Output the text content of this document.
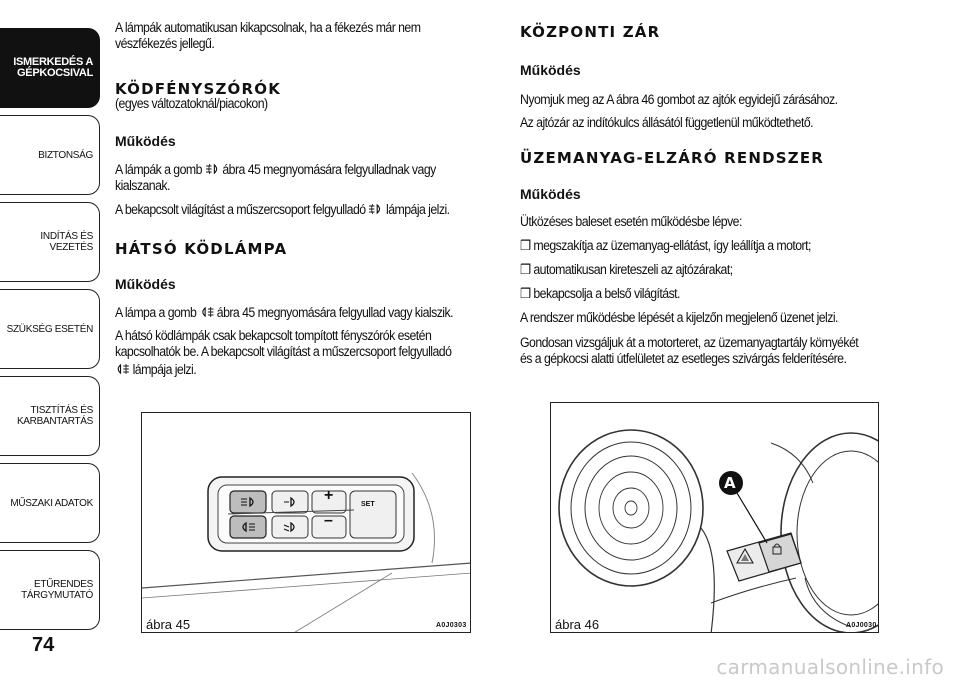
ISMERKEDÉS A
GÉPKOCSIVAL
BIZTONSÁG
INDÍTÁS ÉS VEZETÉS
SZÜKSÉG ESETÉN
TISZTÍTÁS ÉS
KARBANTARTÁS
MŰSZAKI ADATOK
ETŰRENDES
TÁRGYMUTATÓ
74

A lámpák automatikusan kikapcsolnak, ha a fékezés már nem

vészfékezés jellegű.

KÖDFÉNYSZÓRÓK

(egyes változatoknál/piacokon)

Működés

A lámpák a gomb ábra 45 megnyomására felgyulladnak vagy

kialszanak.

A bekapcsolt világítást a műszercsoport felgyulladó lámpája jelzi.

HÁTSÓ KÖDLÁMPA
Működés

A lámpa a gomb ábra 45 megnyomására felgyullad vagy kialszik.

A hátsó ködlámpák csak bekapcsolt tompított fényszórók esetén

kapcsolhatók be. A bekapcsolt világítást a műszercsoport felgyulladó

lámpája jelzi.

+
–
SET
ábra 45	A0J0303
KÖZPONTI ZÁR
Működés

Nyomjuk meg az A ábra 46 gombot az ajtók egyidejű zárásához.

Az ajtózár az indítókulcs állásától függetlenül működtethető.

ÜZEMANYAG-ELZÁRÓ RENDSZER
Működés

Ütközéses baleset esetén működésbe lépve:

❒ megszakítja az üzemanyag-ellátást, így leállítja a motort;

❒ automatikusan kireteszeli az ajtózárakat;

❒ bekapcsolja a belső világítást.

A rendszer működésbe lépését a kijelzőn megjelenő üzenet jelzi.

Gondosan vizsgáljuk át a motorteret, az üzemanyagtartály környékét

és a gépkocsi alatti útfelületet az esetleges szivárgás felderítésére.

A
ábra 46	A0J0030
carmanualsonline.info
